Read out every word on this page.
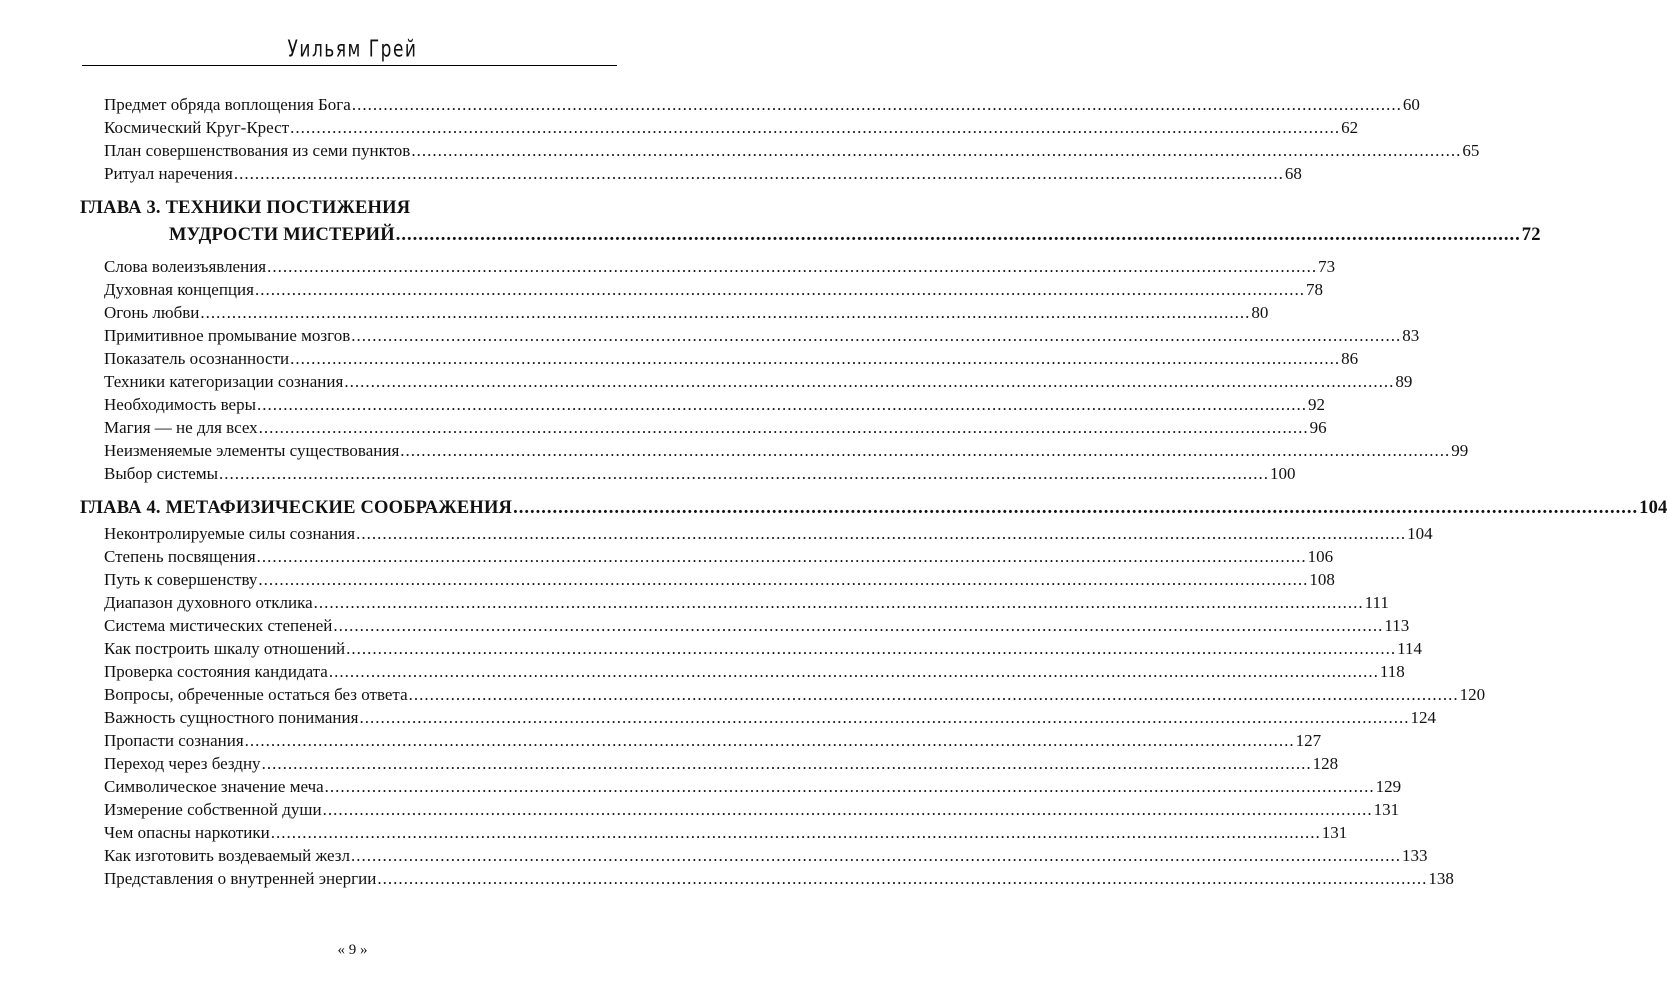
Уильям Грей
Предмет обряда воплощения Бога ........................................................................................................................................................................................................ 60
Космический Круг-Крест ........................................................................................................................................................................................................ 62
План совершенствования из семи пунктов ........................................................................................................................................................................................................ 65
Ритуал наречения ........................................................................................................................................................................................................ 68
ГЛАВА 3. ТЕХНИКИ ПОСТИЖЕНИЯ
МУДРОСТИ МИСТЕРИЙ ........................................................................................................................................................................................................ 72
Слова волеизъявления ........................................................................................................................................................................................................ 73
Духовная концепция ........................................................................................................................................................................................................ 78
Огонь любви ........................................................................................................................................................................................................ 80
Примитивное промывание мозгов ........................................................................................................................................................................................................ 83
Показатель осознанности ........................................................................................................................................................................................................ 86
Техники категоризации сознания ........................................................................................................................................................................................................ 89
Необходимость веры ........................................................................................................................................................................................................ 92
Магия — не для всех ........................................................................................................................................................................................................ 96
Неизменяемые элементы существования ........................................................................................................................................................................................................ 99
Выбор системы ........................................................................................................................................................................................................ 100
ГЛАВА 4. МЕТАФИЗИЧЕСКИЕ СООБРАЖЕНИЯ ........................................................................................................................................................................................................ 104
Неконтролируемые силы сознания ........................................................................................................................................................................................................ 104
Степень посвящения ........................................................................................................................................................................................................ 106
Путь к совершенству ........................................................................................................................................................................................................ 108
Диапазон духовного отклика ........................................................................................................................................................................................................ 111
Система мистических степеней ........................................................................................................................................................................................................ 113
Как построить шкалу отношений ........................................................................................................................................................................................................ 114
Проверка состояния кандидата ........................................................................................................................................................................................................ 118
Вопросы, обреченные остаться без ответа ........................................................................................................................................................................................................ 120
Важность сущностного понимания ........................................................................................................................................................................................................ 124
Пропасти сознания ........................................................................................................................................................................................................ 127
Переход через бездну ........................................................................................................................................................................................................ 128
Символическое значение меча ........................................................................................................................................................................................................ 129
Измерение собственной души ........................................................................................................................................................................................................ 131
Чем опасны наркотики ........................................................................................................................................................................................................ 131
Как изготовить воздеваемый жезл ........................................................................................................................................................................................................ 133
Представления о внутренней энергии ........................................................................................................................................................................................................ 138
« 9 »
